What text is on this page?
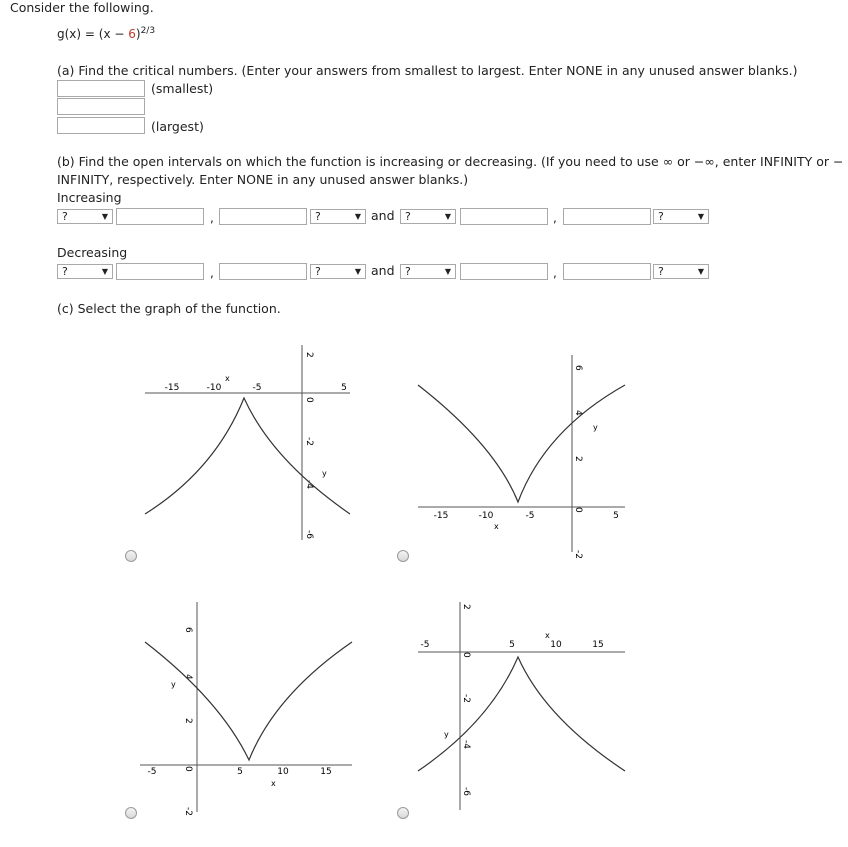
Consider the following.
$g(x) = (x - 6)^{2/3}$
(a) Find the critical numbers. (Enter your answers from smallest to largest. Enter NONE in any unused answer blanks.)
(smallest)
(largest)
(b) Find the open intervals on which the function is increasing or decreasing. (If you need to use ∞ or −∞, enter INFINITY or −
INFINITY, respectively. Enter NONE in any unused answer blanks.)
Increasing
?	▼	,	?	▼ and ?	▼	,	?	▼
Decreasing
?	▼	,	?	▼ and ?	▼	,	?	▼
(c) Select the graph of the function.
-15	-10	-5	5
x
2
0
-2
-4
-6
y
-15	-10	-5	5
x
6
4
2
0
-2
y
-5	5	10	15
x
6
4
2
0
-2
y
-5	5	10	15
x
2
0
-2
-4
-6
y
